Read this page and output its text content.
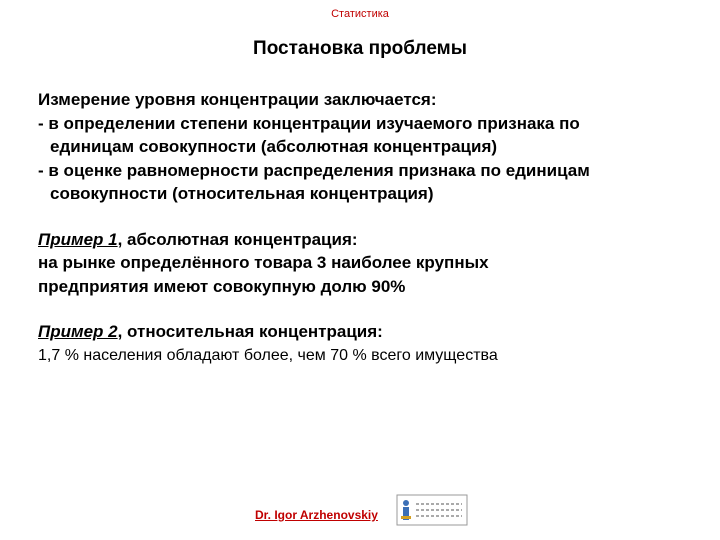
Статистика
Постановка проблемы
Измерение уровня концентрации заключается:
- в определении степени концентрации изучаемого признака по
единицам совокупности (абсолютная концентрация)
- в оценке равномерности распределения признака по единицам
совокупности (относительная концентрация)
Пример 1, абсолютная концентрация:
на рынке определённого товара 3 наиболее крупных
предприятия имеют совокупную долю 90%
Пример 2, относительная концентрация:
1,7 % населения обладают более, чем 70 % всего имущества
Dr. Igor Arzhenovskiy
